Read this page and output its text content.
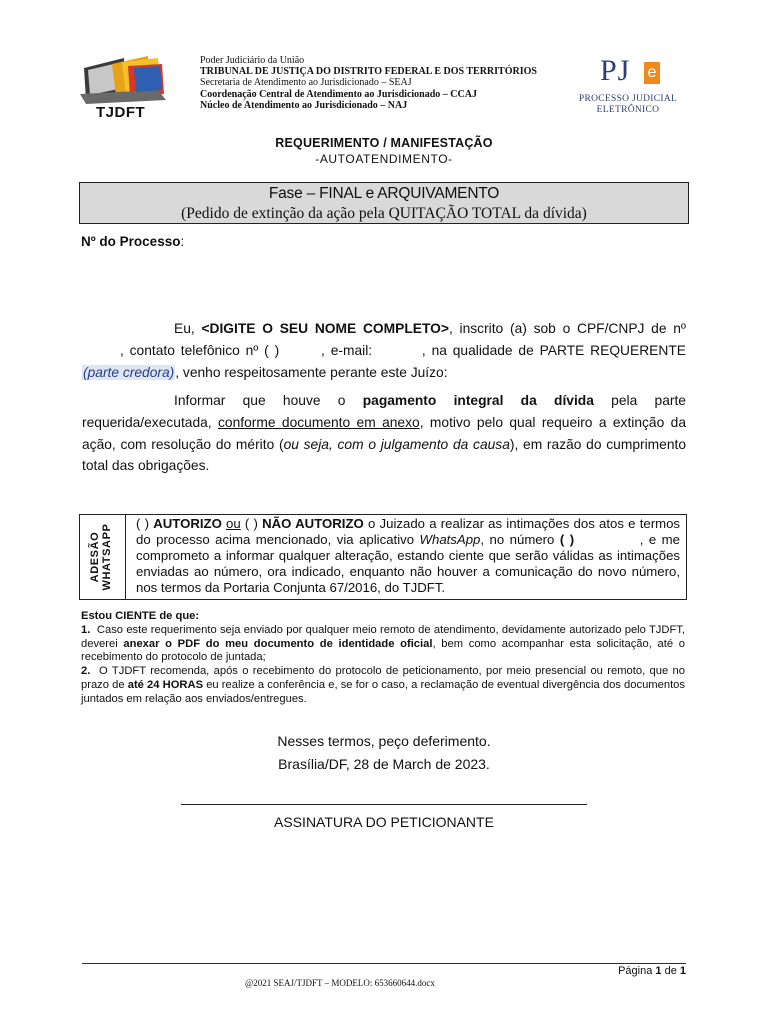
TJDFT
Poder Judiciário da União
TRIBUNAL DE JUSTIÇA DO DISTRITO FEDERAL E DOS TERRITÓRIOS
Secretaria de Atendimento ao Jurisdicionado – SEAJ
Coordenação Central de Atendimento ao Jurisdicionado – CCAJ
Núcleo de Atendimento ao Jurisdicionado – NAJ
PJ e
PROCESSO JUDICIAL
ELETRÔNICO
REQUERIMENTO / MANIFESTAÇÃO
-AUTOATENDIMENTO-
Fase – FINAL e ARQUIVAMENTO
(Pedido de extinção da ação pela QUITAÇÃO TOTAL da dívida)
Nº do Processo:
Eu, <DIGITE O SEU NOME COMPLETO>, inscrito (a) sob o CPF/CNPJ de nº , contato telefônico nº ( )	, e-mail:	, na qualidade de PARTE REQUERENTE (parte credora), venho respeitosamente perante este Juízo:
Informar que houve o pagamento integral da dívida pela parte requerida/executada, conforme documento em anexo, motivo pelo qual requeiro a extinção da ação, com resolução do mérito (ou seja, com o julgamento da causa), em razão do cumprimento total das obrigações.
ADESÃO WHATSAPP
( ) AUTORIZO ou ( ) NÃO AUTORIZO o Juizado a realizar as intimações dos atos e termos do processo acima mencionado, via aplicativo WhatsApp, no número ( )            , e me comprometo a informar qualquer alteração, estando ciente que serão válidas as intimações enviadas ao número, ora indicado, enquanto não houver a comunicação do novo número, nos termos da Portaria Conjunta 67/2016, do TJDFT.
Estou CIENTE de que:
1.  Caso este requerimento seja enviado por qualquer meio remoto de atendimento, devidamente autorizado pelo TJDFT, deverei anexar o PDF do meu documento de identidade oficial, bem como acompanhar esta solicitação, até o recebimento do protocolo de juntada;
2.  O TJDFT recomenda, após o recebimento do protocolo de peticionamento, por meio presencial ou remoto, que no prazo de até 24 HORAS eu realize a conferência e, se for o caso, a reclamação de eventual divergência dos documentos juntados em relação aos enviados/entregues.
Nesses termos, peço deferimento.
Brasília/DF, 28 de March de 2023.
ASSINATURA DO PETICIONANTE
Página 1 de 1
@2021 SEAJ/TJDFT – MODELO: 653660644.docx
